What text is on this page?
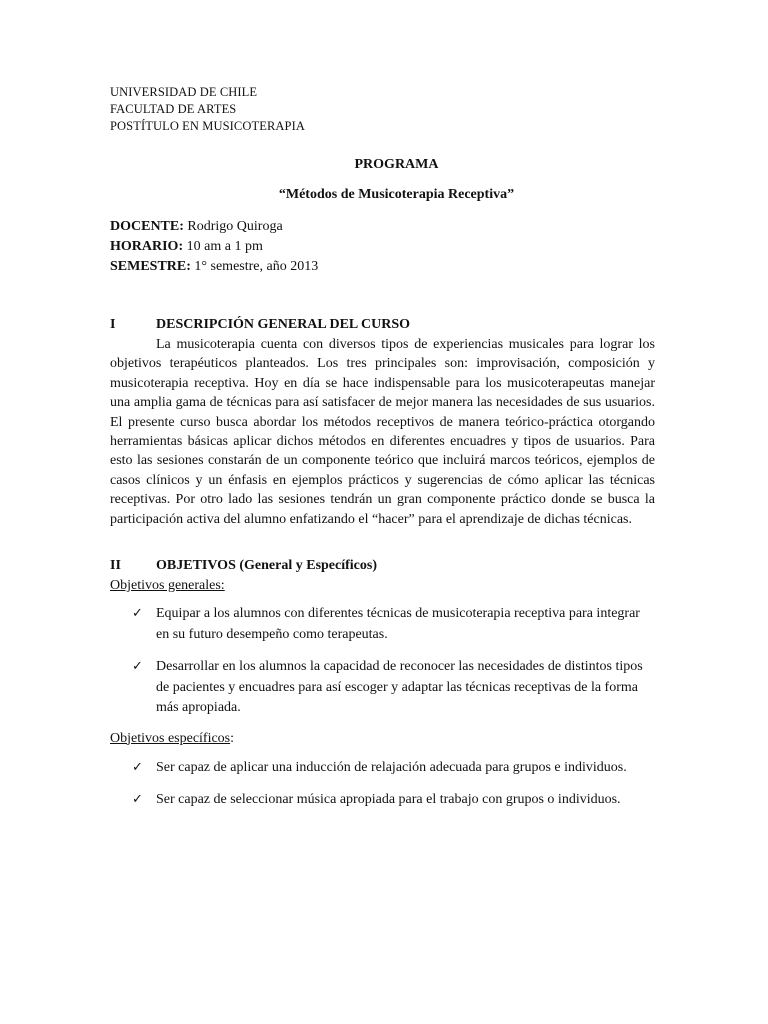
UNIVERSIDAD DE CHILE
FACULTAD DE ARTES
POSTÍTULO EN MUSICOTERAPIA
PROGRAMA
“Métodos de Musicoterapia Receptiva”
DOCENTE: Rodrigo Quiroga
HORARIO: 10 am a 1 pm
SEMESTRE: 1° semestre, año 2013
I	DESCRIPCIÓN GENERAL DEL CURSO
La musicoterapia cuenta con diversos tipos de experiencias musicales para lograr los objetivos terapéuticos planteados. Los tres principales son: improvisación, composición y musicoterapia receptiva. Hoy en día se hace indispensable para los musicoterapeutas manejar una amplia gama de técnicas para así satisfacer de mejor manera las necesidades de sus usuarios. El presente curso busca abordar los métodos receptivos de manera teórico-práctica otorgando herramientas básicas aplicar dichos métodos en diferentes encuadres y tipos de usuarios. Para esto las sesiones constarán de un componente teórico que incluirá marcos teóricos, ejemplos de casos clínicos y un énfasis en ejemplos prácticos y sugerencias de cómo aplicar las técnicas receptivas. Por otro lado las sesiones tendrán un gran componente práctico donde se busca la participación activa del alumno enfatizando el “hacer” para el aprendizaje de dichas técnicas.
II	OBJETIVOS (General y Específicos)
Objetivos generales:
✓ Equipar a los alumnos con diferentes técnicas de musicoterapia receptiva para integrar en su futuro desempeño como terapeutas.
✓ Desarrollar en los alumnos la capacidad de reconocer las necesidades de distintos tipos de pacientes y encuadres para así escoger y adaptar las técnicas receptivas de la forma más apropiada.
Objetivos específicos:
✓ Ser capaz de aplicar una inducción de relajación adecuada para grupos e individuos.
✓ Ser capaz de seleccionar música apropiada para el trabajo con grupos o individuos.
